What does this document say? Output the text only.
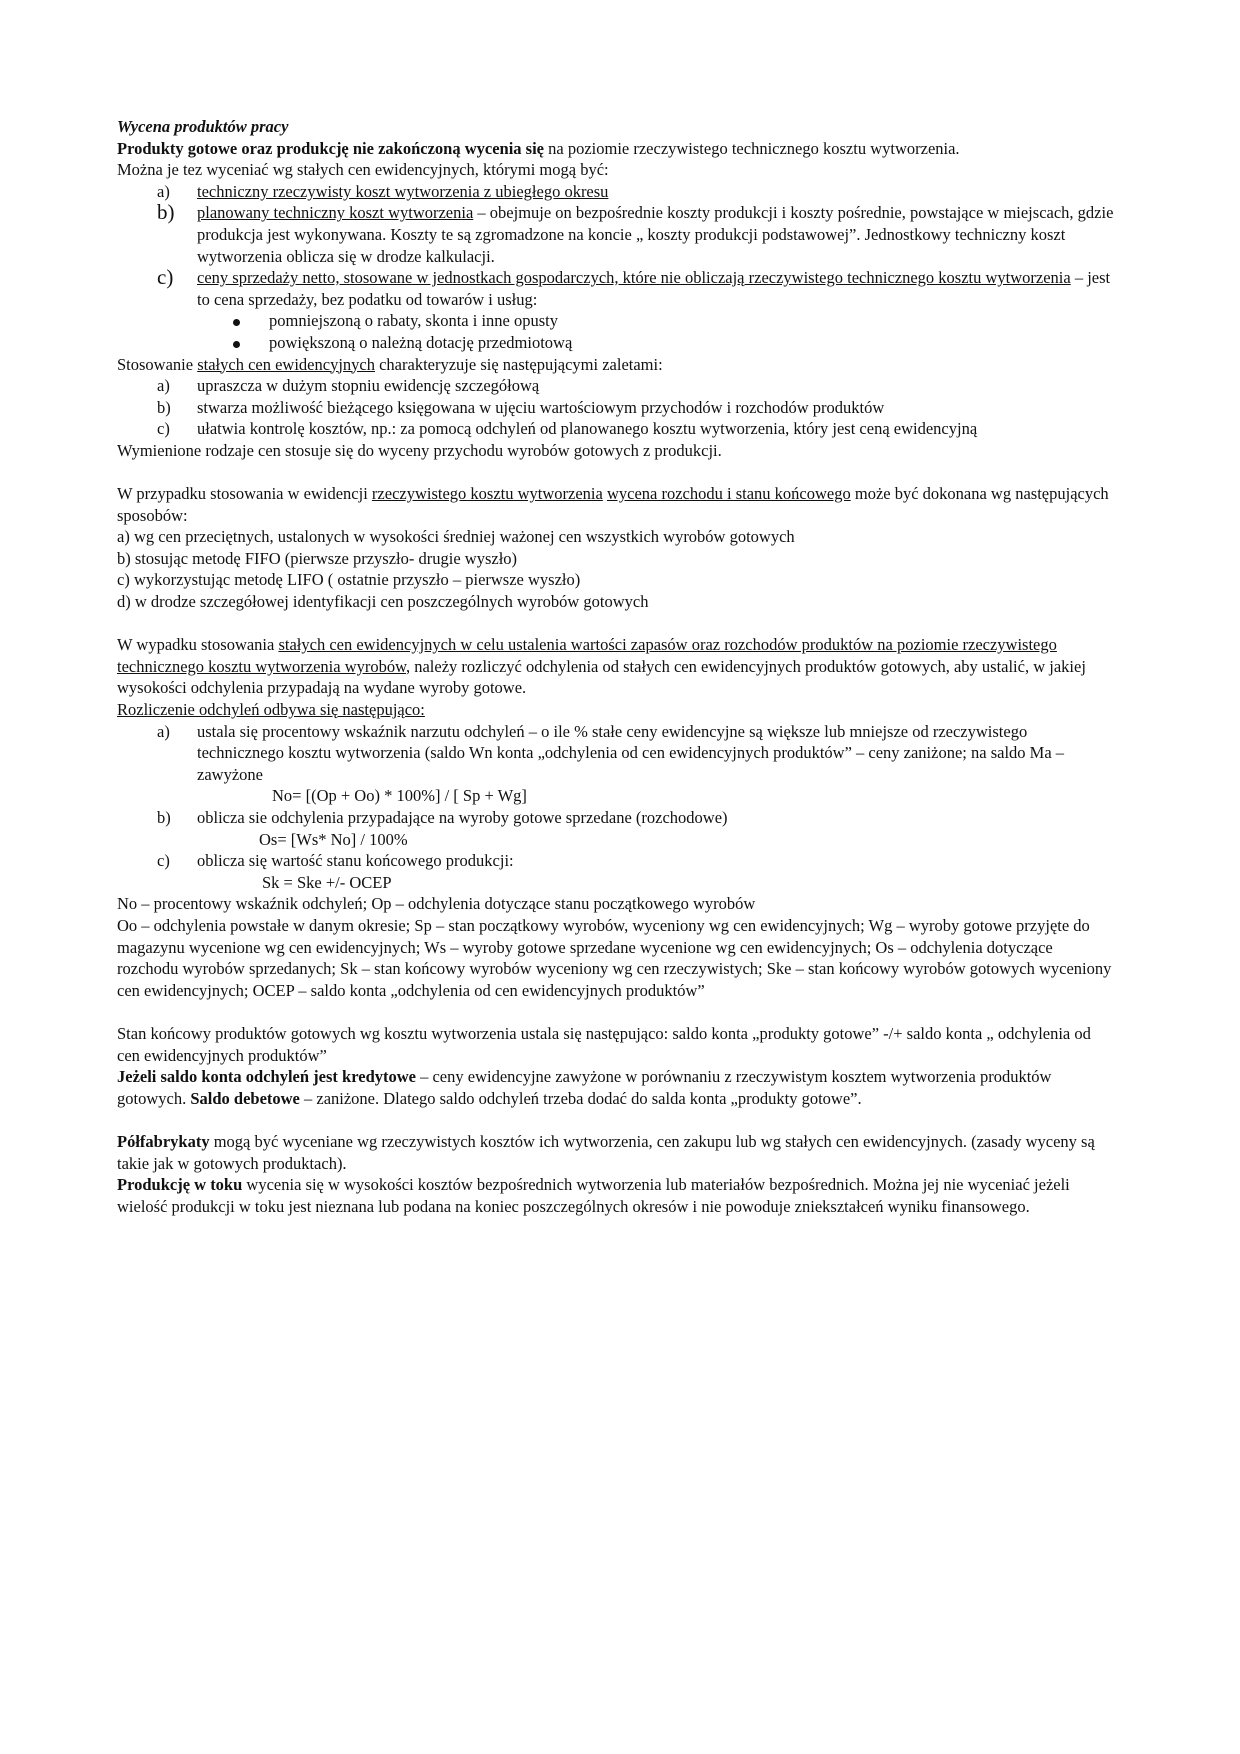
Wycena produktów pracy

Produkty gotowe oraz produkcję nie zakończoną wycenia się na poziomie rzeczywistego technicznego kosztu wytworzenia.

Można je tez wyceniać wg stałych cen ewidencyjnych, którymi mogą być:

a)	techniczny rzeczywisty koszt wytworzenia z ubiegłego okresu
b)	planowany techniczny koszt wytworzenia – obejmuje on bezpośrednie koszty produkcji i koszty pośrednie, powstające w miejscach, gdzie produkcja jest wykonywana. Koszty te są zgromadzone na koncie „ koszty produkcji podstawowej”. Jednostkowy techniczny koszt wytworzenia oblicza się w drodze kalkulacji.
c)	ceny sprzedaży netto, stosowane w jednostkach gospodarczych, które nie obliczają rzeczywistego technicznego kosztu wytworzenia – jest to cena sprzedaży, bez podatku od towarów i usług:
pomniejszoną o rabaty, skonta i inne opusty
powiększoną o należną dotację przedmiotową

Stosowanie stałych cen ewidencyjnych charakteryzuje się następującymi zaletami:

a)	upraszcza w dużym stopniu ewidencję szczegółową
b)	stwarza możliwość bieżącego księgowana w ujęciu wartościowym przychodów i rozchodów produktów
c)	ułatwia kontrolę kosztów, np.: za pomocą odchyleń od planowanego kosztu wytworzenia, który jest ceną ewidencyjną

Wymienione rodzaje cen stosuje się do wyceny przychodu wyrobów gotowych z produkcji.

W przypadku stosowania w ewidencji rzeczywistego kosztu wytworzenia wycena rozchodu i stanu końcowego może być dokonana wg następujących sposobów:

a) wg cen przeciętnych, ustalonych w wysokości średniej ważonej cen wszystkich wyrobów gotowych

b) stosując metodę FIFO (pierwsze przyszło- drugie wyszło)

c) wykorzystując metodę LIFO ( ostatnie przyszło – pierwsze wyszło)

d) w drodze szczegółowej identyfikacji cen poszczególnych wyrobów gotowych

W wypadku stosowania stałych cen ewidencyjnych w celu ustalenia wartości zapasów oraz rozchodów produktów na poziomie rzeczywistego technicznego kosztu wytworzenia wyrobów, należy rozliczyć odchylenia od stałych cen ewidencyjnych produktów gotowych, aby ustalić, w jakiej wysokości odchylenia przypadają na wydane wyroby gotowe.

Rozliczenie odchyleń odbywa się następująco:

a)	ustala się procentowy wskaźnik narzutu odchyleń – o ile % stałe ceny ewidencyjne są większe lub mniejsze od rzeczywistego technicznego kosztu wytworzenia (saldo Wn konta „odchylenia od cen ewidencyjnych produktów” – ceny zaniżone; na saldo Ma – zawyżone

No= [(Op + Oo) * 100%] / [ Sp + Wg]

b)	oblicza sie odchylenia przypadające na wyroby gotowe sprzedane (rozchodowe)

Os= [Ws* No] / 100%

c)	oblicza się wartość stanu końcowego produkcji:

Sk = Ske +/- OCEP

No – procentowy wskaźnik odchyleń; Op – odchylenia dotyczące stanu początkowego wyrobów

Oo – odchylenia powstałe w danym okresie; Sp – stan początkowy wyrobów, wyceniony wg cen ewidencyjnych; Wg – wyroby gotowe przyjęte do magazynu wycenione wg cen ewidencyjnych; Ws – wyroby gotowe sprzedane wycenione wg cen ewidencyjnych; Os – odchylenia dotyczące rozchodu wyrobów sprzedanych; Sk – stan końcowy wyrobów wyceniony wg cen rzeczywistych; Ske – stan końcowy wyrobów gotowych wyceniony cen ewidencyjnych; OCEP – saldo konta „odchylenia od cen ewidencyjnych produktów”

Stan końcowy produktów gotowych wg kosztu wytworzenia ustala się następująco: saldo konta „produkty gotowe” -/+ saldo konta „ odchylenia od cen ewidencyjnych produktów”

Jeżeli saldo konta odchyleń jest kredytowe – ceny ewidencyjne zawyżone w porównaniu z rzeczywistym kosztem wytworzenia produktów gotowych. Saldo debetowe – zaniżone. Dlatego saldo odchyleń trzeba dodać do salda konta „produkty gotowe”.

Półfabrykaty mogą być wyceniane wg rzeczywistych kosztów ich wytworzenia, cen zakupu lub wg stałych cen ewidencyjnych. (zasady wyceny są takie jak w gotowych produktach).

Produkcję w toku wycenia się w wysokości kosztów bezpośrednich wytworzenia lub materiałów bezpośrednich. Można jej nie wyceniać jeżeli wielość produkcji w toku jest nieznana lub podana na koniec poszczególnych okresów i nie powoduje zniekształceń wyniku finansowego.
